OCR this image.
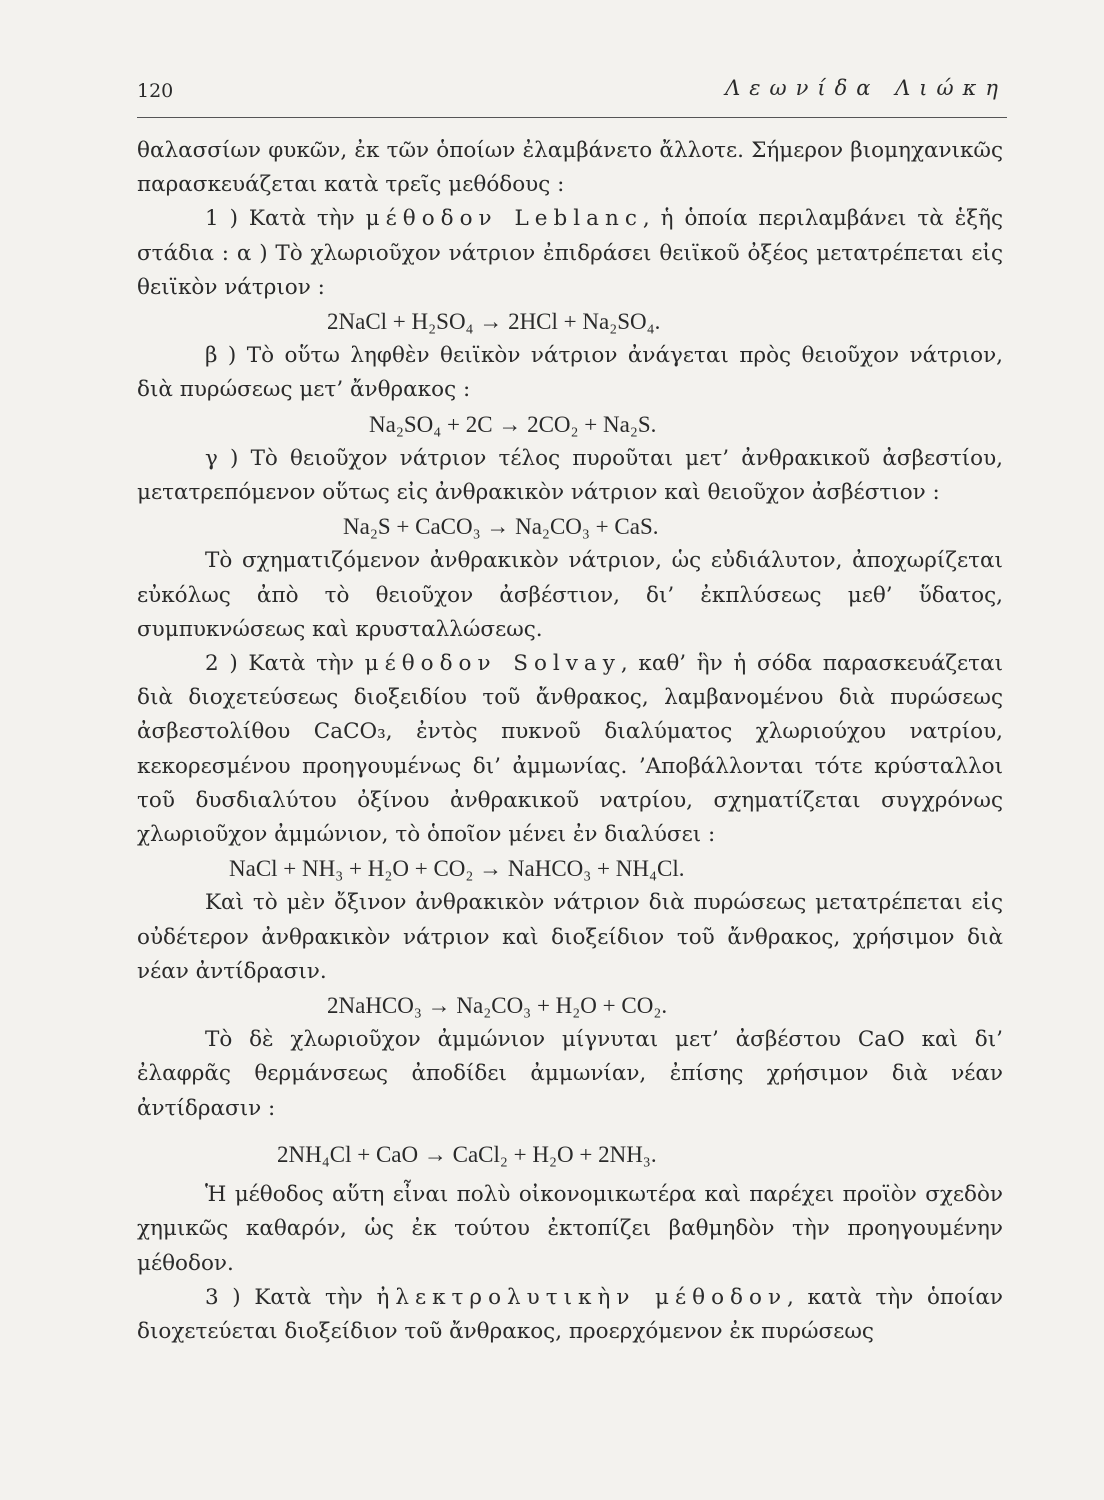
120	Λεωνίδα Λιώκη

θαλασσίων φυκῶν, ἐκ τῶν ὁποίων ἐλαμβάνετο ἄλλοτε. Σήμερον βιομηχανικῶς παρασκευάζεται κατὰ τρεῖς μεθόδους :

1 ) Κατὰ τὴν μέθοδον Leblanc, ἡ ὁποία περιλαμβάνει τὰ ἑξῆς στάδια : α ) Τὸ χλωριοῦχον νάτριον ἐπιδράσει θειϊκοῦ ὀξέος μετατρέπεται εἰς θειϊκὸν νάτριον :

2NaCl + H₂SO₄ → 2HCl + Na₂SO₄.

β ) Τὸ οὕτω ληφθὲν θειϊκὸν νάτριον ἀνάγεται πρὸς θειοῦχον νάτριον, διὰ πυρώσεως μετ’ ἄνθρακος :

Na₂SO₄ + 2C → 2CO₂ + Na₂S.

γ ) Τὸ θειοῦχον νάτριον τέλος πυροῦται μετ’ ἀνθρακικοῦ ἀσβεστίου, μετατρεπόμενον οὕτως εἰς ἀνθρακικὸν νάτριον καὶ θειοῦχον ἀσβέστιον :

Na₂S + CaCO₃ → Na₂CO₃ + CaS.

Τὸ σχηματιζόμενον ἀνθρακικὸν νάτριον, ὡς εὐδιάλυτον, ἀποχωρίζεται εὐκόλως ἀπὸ τὸ θειοῦχον ἀσβέστιον, δι’ ἐκπλύσεως μεθ’ ὕδατος, συμπυκνώσεως καὶ κρυσταλλώσεως.

2 ) Κατὰ τὴν μέθοδον Solvay, καθ’ ἣν ἡ σόδα παρασκευάζεται διὰ διοχετεύσεως διοξειδίου τοῦ ἄνθρακος, λαμβανομένου διὰ πυρώσεως ἀσβεστολίθου CaCO₃, ἐντὸς πυκνοῦ διαλύματος χλωριούχου νατρίου, κεκορεσμένου προηγουμένως δι’ ἀμμωνίας. ’Αποβάλλονται τότε κρύσταλλοι τοῦ δυσδιαλύτου ὀξίνου ἀνθρακικοῦ νατρίου, σχηματίζεται συγχρόνως χλωριοῦχον ἀμμώνιον, τὸ ὁποῖον μένει ἐν διαλύσει :

NaCl + NH₃ + H₂O + CO₂ → NaHCO₃ + NH₄Cl.

Καὶ τὸ μὲν ὄξινον ἀνθρακικὸν νάτριον διὰ πυρώσεως μετατρέπεται εἰς οὐδέτερον ἀνθρακικὸν νάτριον καὶ διοξείδιον τοῦ ἄνθρακος, χρήσιμον διὰ νέαν ἀντίδρασιν.

2NaHCO₃ → Na₂CO₃ + H₂O + CO₂.

Τὸ δὲ χλωριοῦχον ἀμμώνιον μίγνυται μετ’ ἀσβέστου CaO καὶ δι’ ἐλαφρᾶς θερμάνσεως ἀποδίδει ἀμμωνίαν, ἐπίσης χρήσιμον διὰ νέαν ἀντίδρασιν :

2NH₄Cl + CaO → CaCl₂ + H₂O + 2NH₃.

Ἡ μέθοδος αὕτη εἶναι πολὺ οἰκονομικωτέρα καὶ παρέχει προϊὸν σχεδὸν χημικῶς καθαρόν, ὡς ἐκ τούτου ἐκτοπίζει βαθμηδὸν τὴν προηγουμένην μέθοδον.

3 ) Κατὰ τὴν ἠλεκτρολυτικὴν μέθοδον, κατὰ τὴν ὁποίαν διοχετεύεται διοξείδιον τοῦ ἄνθρακος, προερχόμενον ἐκ πυρώσεως
